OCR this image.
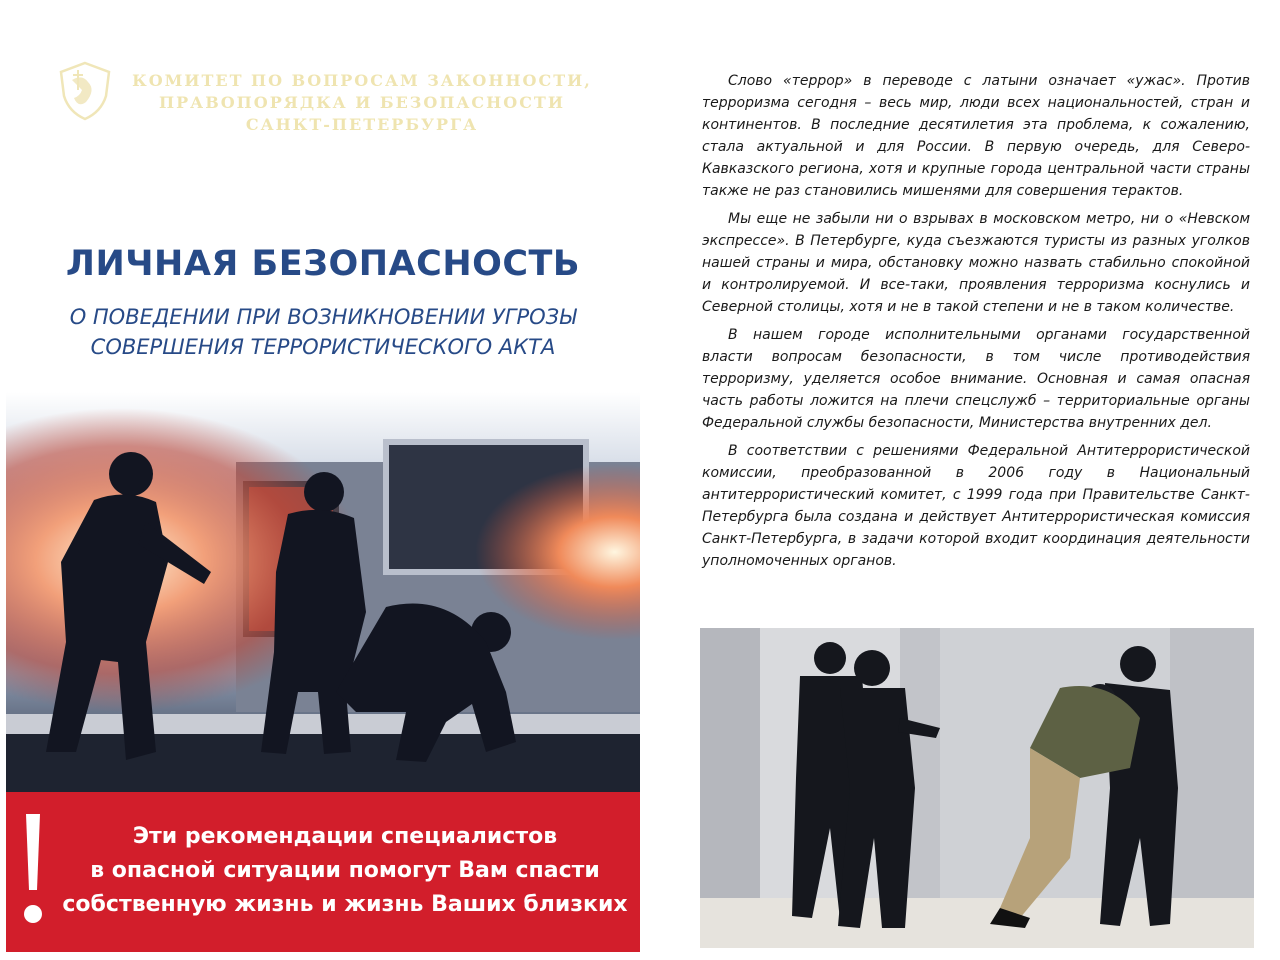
КОМИТЕТ ПО ВОПРОСАМ ЗАКОННОСТИ,
ПРАВОПОРЯДКА И БЕЗОПАСНОСТИ
САНКТ-ПЕТЕРБУРГА
ЛИЧНАЯ БЕЗОПАСНОСТЬ
О ПОВЕДЕНИИ ПРИ ВОЗНИКНОВЕНИИ УГРОЗЫ
СОВЕРШЕНИЯ ТЕРРОРИСТИЧЕСКОГО АКТА
Эти рекомендации специалистов
в опасной ситуации помогут Вам спасти
собственную жизнь и жизнь Ваших близких

Слово «террор» в переводе с латыни означает «ужас». Против терроризма сегодня – весь мир, люди всех национальностей, стран и континентов. В последние десятилетия эта проблема, к сожалению, стала актуальной и для России. В первую очередь, для Северо-Кавказского региона, хотя и крупные города центральной части страны также не раз становились мишенями для совершения терактов.

Мы еще не забыли ни о взрывах в московском метро, ни о «Невском экспрессе». В Петербурге, куда съезжаются туристы из разных уголков нашей страны и мира, обстановку можно назвать стабильно спокойной и контролируемой. И все-таки, проявления терроризма коснулись и Северной столицы, хотя и не в такой степени и не в таком количестве.

В нашем городе исполнительными органами государственной власти вопросам безопасности, в том числе противодействия терроризму, уделяется особое внимание. Основная и самая опасная часть работы ложится на плечи спецслужб – территориальные органы Федеральной службы безопасности, Министерства внутренних дел.

В соответствии с решениями Федеральной Антитеррористической комиссии, преобразованной в 2006 году в Национальный антитеррористический комитет, с 1999 года при Правительстве Санкт-Петербурга была создана и действует Антитеррористическая комиссия Санкт-Петербурга, в задачи которой входит координация деятельности уполномоченных органов.
